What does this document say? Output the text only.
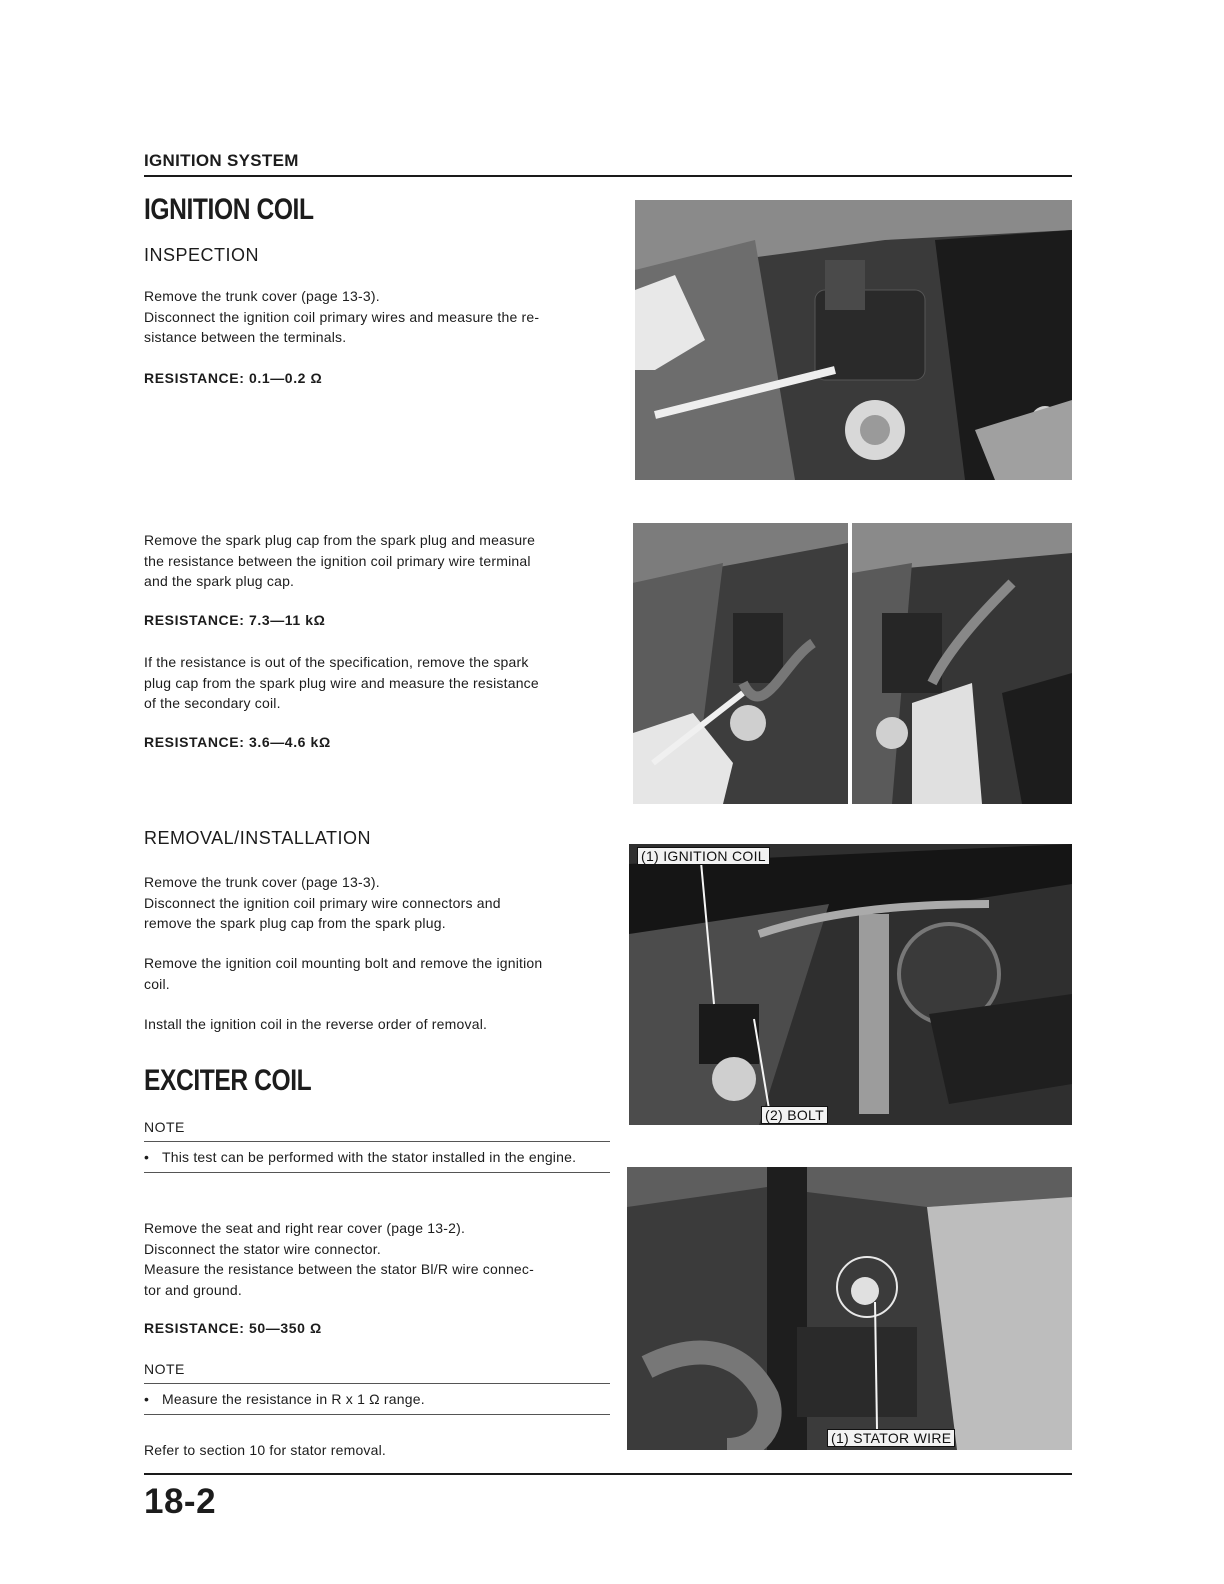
IGNITION SYSTEM
IGNITION COIL
INSPECTION

Remove the trunk cover (page 13-3).

Disconnect the ignition coil primary wires and measure the re-

sistance between the terminals.

RESISTANCE: 0.1—0.2 Ω

Remove the spark plug cap from the spark plug and measure

the resistance between the ignition coil primary wire terminal

and the spark plug cap.

RESISTANCE: 7.3—11 kΩ

If the resistance is out of the specification, remove the spark

plug cap from the spark plug wire and measure the resistance

of the secondary coil.

RESISTANCE: 3.6—4.6 kΩ
REMOVAL/INSTALLATION

Remove the trunk cover (page 13-3).

Disconnect the ignition coil primary wire connectors and

remove the spark plug cap from the spark plug.

Remove the ignition coil mounting bolt and remove the ignition

coil.

Install the ignition coil in the reverse order of removal.
EXCITER COIL
NOTE
• This test can be performed with the stator installed in the engine.

Remove the seat and right rear cover (page 13-2).

Disconnect the stator wire connector.

Measure the resistance between the stator Bl/R wire connec-

tor and ground.

RESISTANCE: 50—350 Ω
NOTE
• Measure the resistance in R x 1 Ω range.
Refer to section 10 for stator removal.
(1) IGNITION COIL
(2) BOLT
(1) STATOR WIRE
18-2
